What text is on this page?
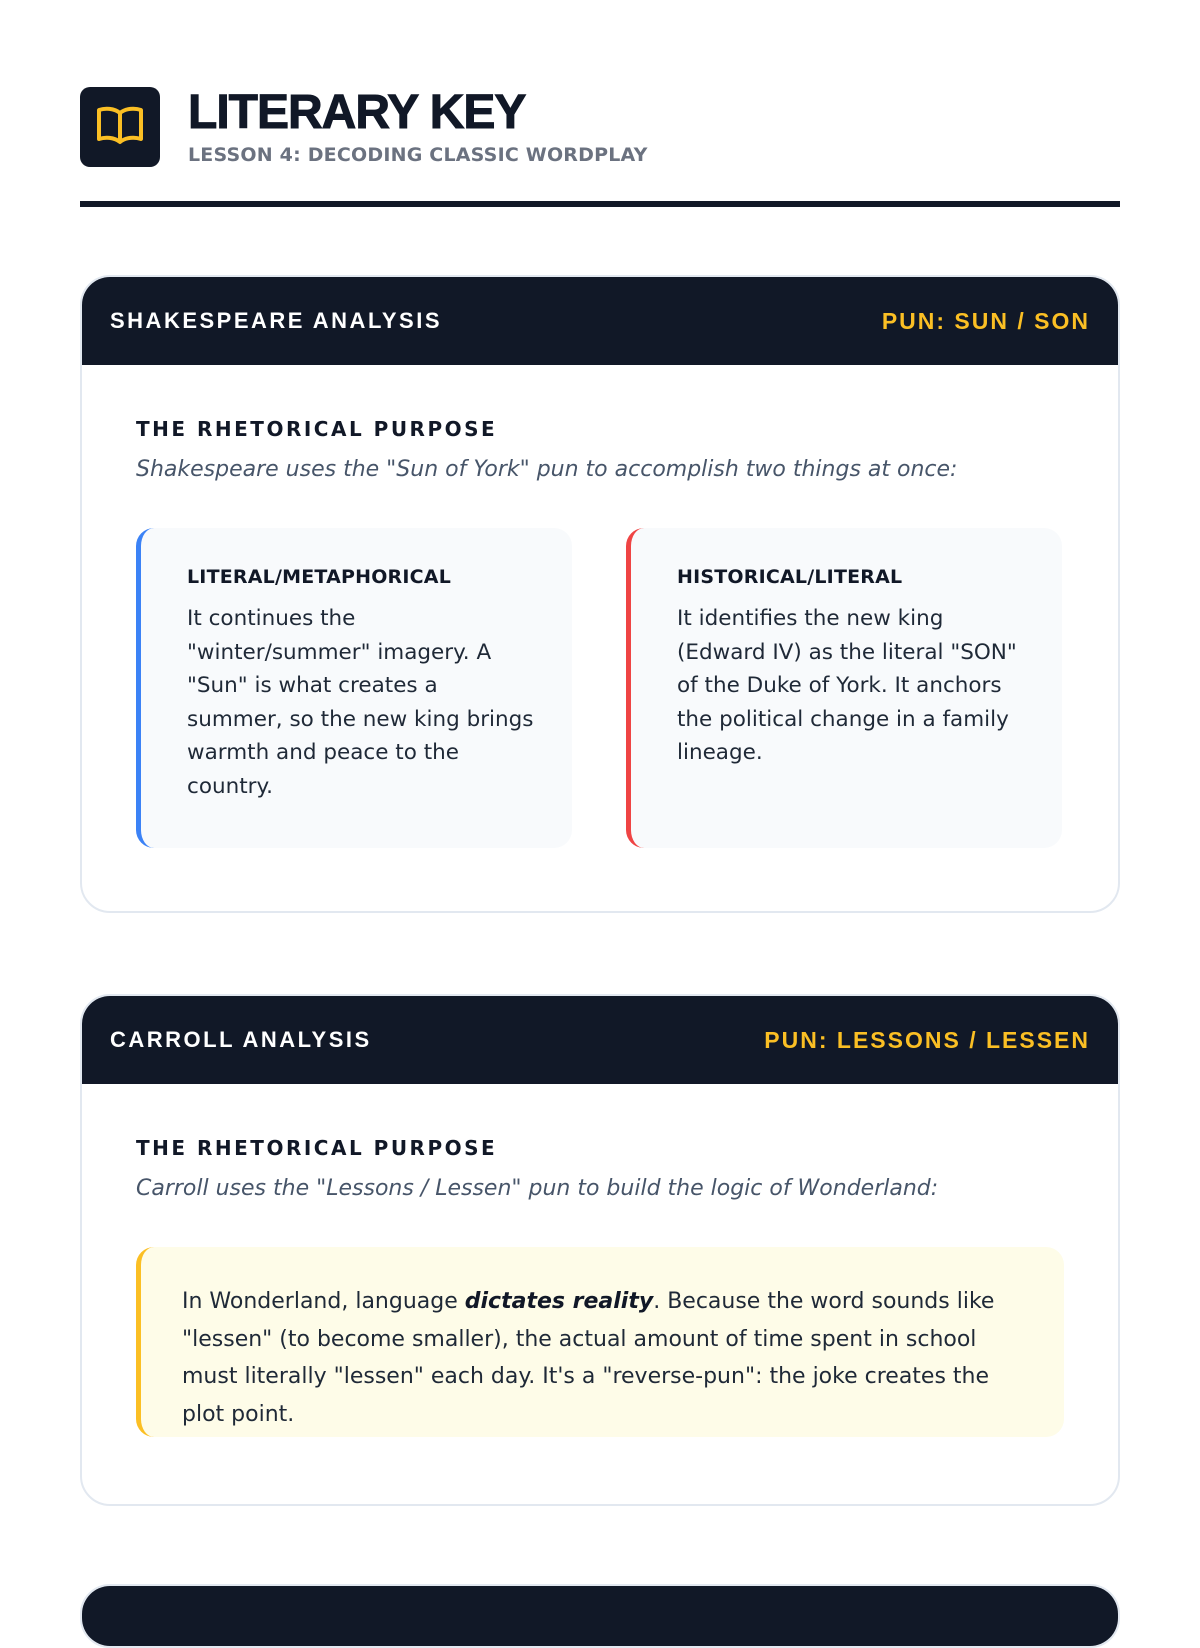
LITERARY KEY
LESSON 4: DECODING CLASSIC WORDPLAY
SHAKESPEARE ANALYSIS	PUN: SUN / SON
THE RHETORICAL PURPOSE
Shakespeare uses the "Sun of York" pun to accomplish two things at once:
LITERAL/METAPHORICAL
It continues the "winter/summer" imagery. A "Sun" is what creates a summer, so the new king brings warmth and peace to the country.
HISTORICAL/LITERAL
It identifies the new king (Edward IV) as the literal "SON" of the Duke of York. It anchors the political change in a family lineage.
CARROLL ANALYSIS	PUN: LESSONS / LESSEN
THE RHETORICAL PURPOSE
Carroll uses the "Lessons / Lessen" pun to build the logic of Wonderland:
In Wonderland, language dictates reality. Because the word sounds like "lessen" (to become smaller), the actual amount of time spent in school must literally "lessen" each day. It's a "reverse-pun": the joke creates the plot point.
